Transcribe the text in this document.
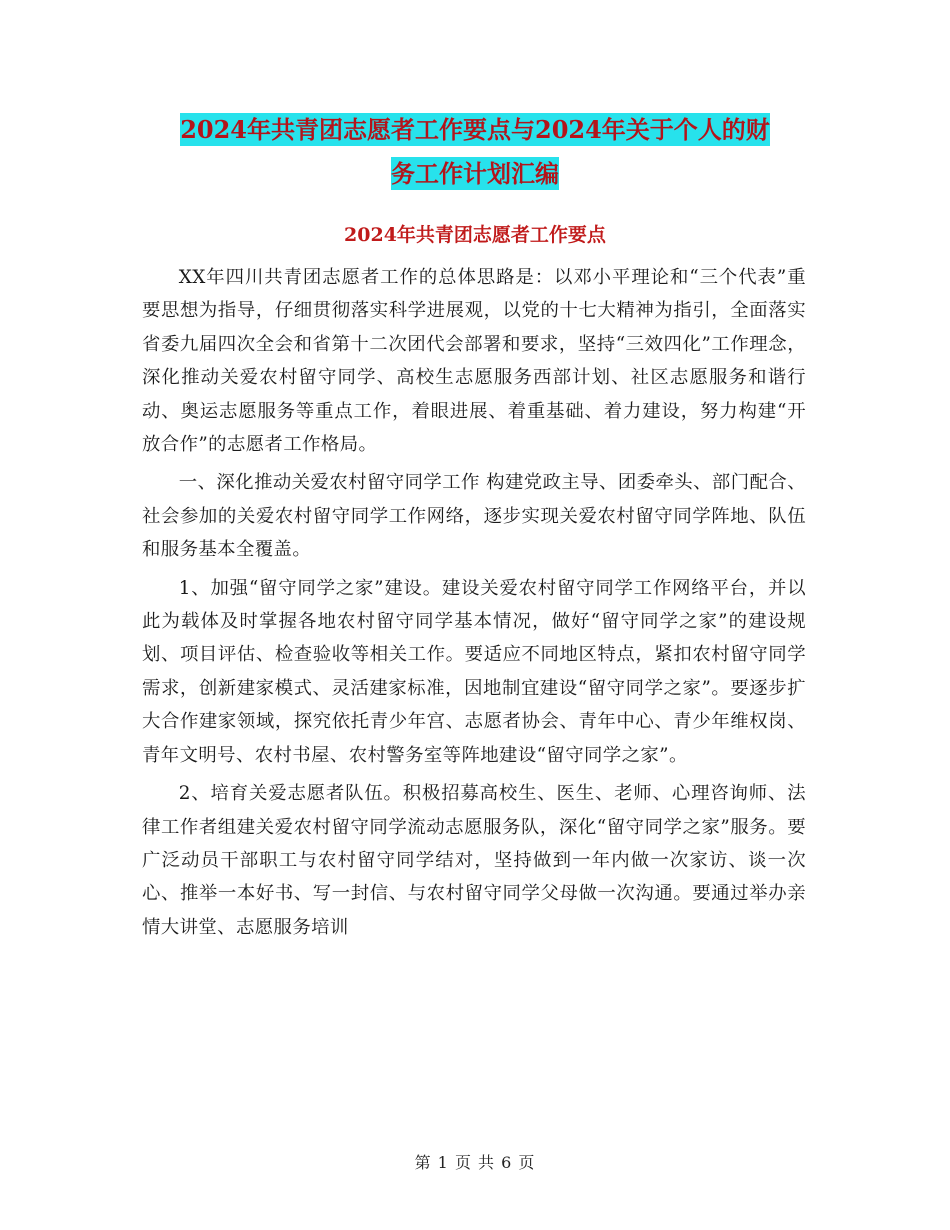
2024年共青团志愿者工作要点与2024年关于个人的财
务工作计划汇编
2024年共青团志愿者工作要点

XX年四川共青团志愿者工作的总体思路是：以邓小平理论和“三个代表”重要思想为指导，仔细贯彻落实科学进展观，以党的十七大精神为指引，全面落实省委九届四次全会和省第十二次团代会部署和要求，坚持“三效四化”工作理念，深化推动关爱农村留守同学、高校生志愿服务西部计划、社区志愿服务和谐行动、奥运志愿服务等重点工作，着眼进展、着重基础、着力建设，努力构建“开放合作”的志愿者工作格局。

一、深化推动关爱农村留守同学工作 构建党政主导、团委牵头、部门配合、社会参加的关爱农村留守同学工作网络，逐步实现关爱农村留守同学阵地、队伍和服务基本全覆盖。

1、加强“留守同学之家”建设。建设关爱农村留守同学工作网络平台，并以此为载体及时掌握各地农村留守同学基本情况，做好“留守同学之家”的建设规划、项目评估、检查验收等相关工作。要适应不同地区特点，紧扣农村留守同学需求，创新建家模式、灵活建家标准，因地制宜建设“留守同学之家”。要逐步扩大合作建家领域，探究依托青少年宫、志愿者协会、青年中心、青少年维权岗、青年文明号、农村书屋、农村警务室等阵地建设“留守同学之家”。

2、培育关爱志愿者队伍。积极招募高校生、医生、老师、心理咨询师、法律工作者组建关爱农村留守同学流动志愿服务队，深化“留守同学之家”服务。要广泛动员干部职工与农村留守同学结对，坚持做到一年内做一次家访、谈一次心、推举一本好书、写一封信、与农村留守同学父母做一次沟通。要通过举办亲情大讲堂、志愿服务培训

第 1 页 共 6 页
